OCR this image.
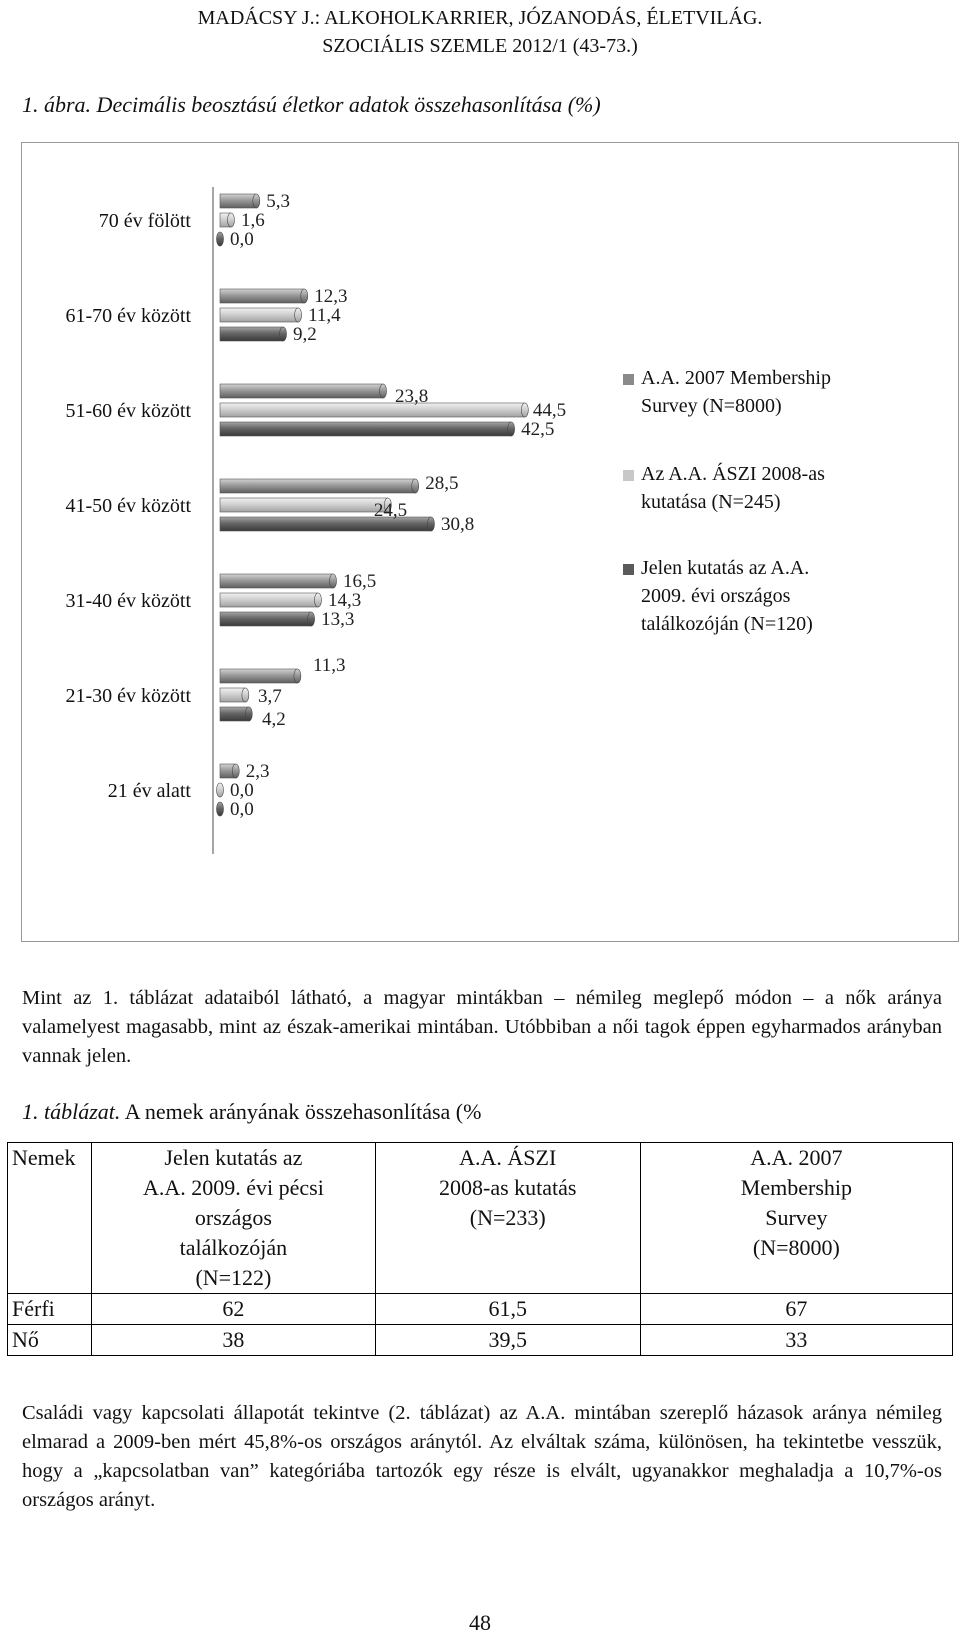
MADÁCSY J.: ALKOHOLKARRIER, JÓZANODÁS, ÉLETVILÁG.
SZOCIÁLIS SZEMLE 2012/1 (43-73.)
1. ábra. Decimális beosztású életkor adatok összehasonlítása (%)
70 év fölött
61-70 év között
51-60 év között
41-50 év között
31-40 év között
21-30 év között
21 év alatt
5,3
12,3
23,8
28,5
16,5
11,3
2,3
1,6
11,4
44,5
24,5
14,3
3,7
0,0
0,0
9,2
42,5
30,8
13,3
4,2
0,0
A.A. 2007 Membership
Survey (N=8000)
Az A.A. ÁSZI 2008-as
kutatása (N=245)
Jelen kutatás az A.A.
2009. évi országos
találkozóján (N=120)
Mint az 1. táblázat adataiból látható, a magyar mintákban – némileg meglepő módon – a nők aránya valamelyest magasabb, mint az észak-amerikai mintában. Utóbbiban a női tagok éppen egyharmados arányban vannak jelen.
1. táblázat. A nemek arányának összehasonlítása (%
Nemek	Jelen kutatás az A.A. 2009. évi pécsi országos találkozóján (N=122)	A.A. ÁSZI 2008-as kutatás (N=233)	A.A. 2007 Membership Survey (N=8000)
Férfi	62	61,5	67
Nő	38	39,5	33
Családi vagy kapcsolati állapotát tekintve (2. táblázat) az A.A. mintában szereplő házasok aránya némileg elmarad a 2009-ben mért 45,8%-os országos aránytól. Az elváltak száma, különösen, ha tekintetbe vesszük, hogy a „kapcsolatban van” kategóriába tartozók egy része is elvált, ugyanakkor meghaladja a 10,7%-os országos arányt.
48
